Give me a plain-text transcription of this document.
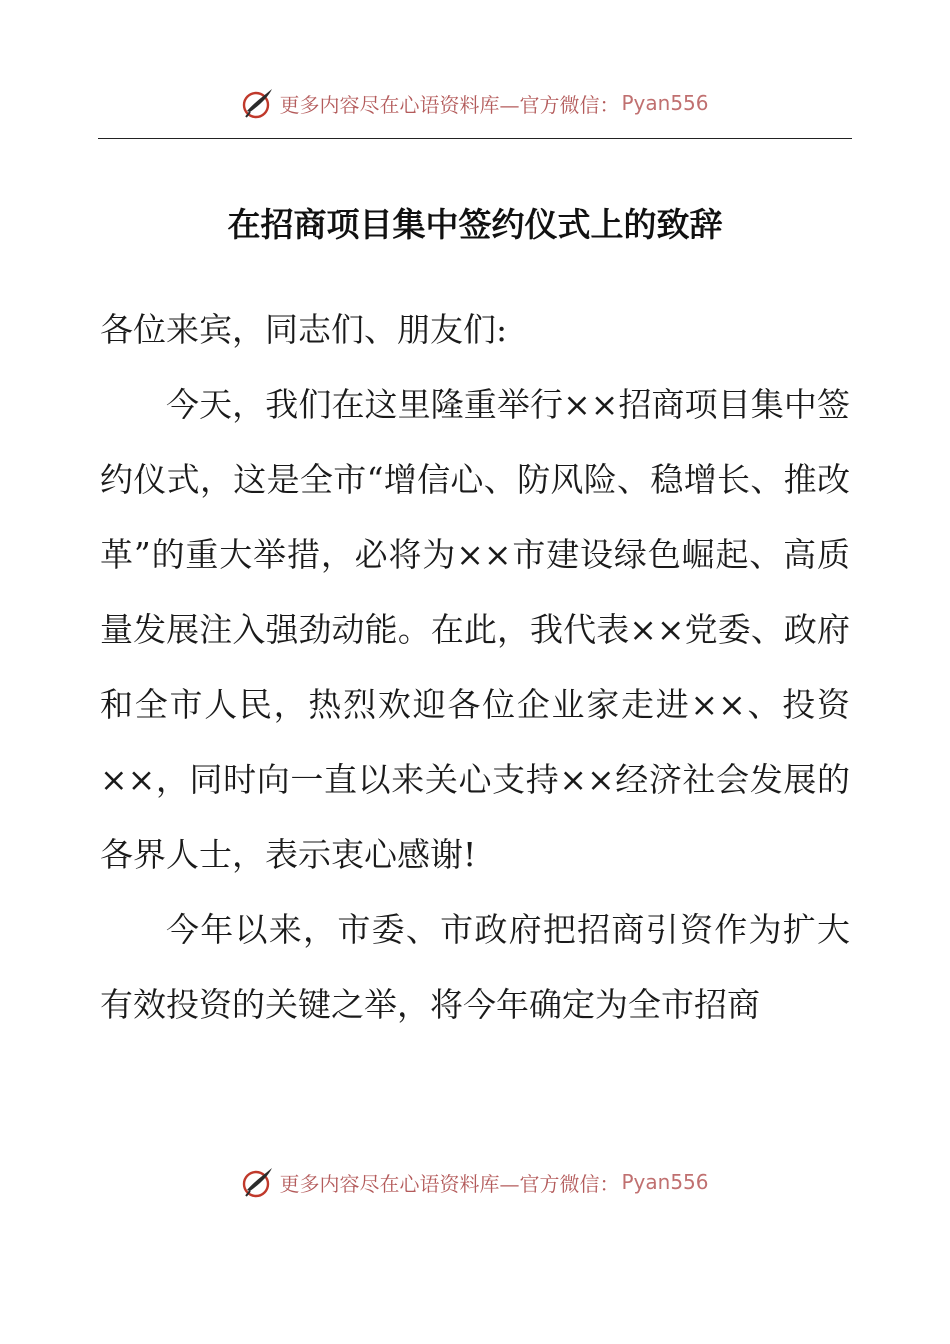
更多内容尽在心语资料库—官方微信： Pyan556
在招商项目集中签约仪式上的致辞

各位来宾，同志们、朋友们:

今天，我们在这里隆重举行××招商项目集中签约仪式，这是全市“增信心、防风险、稳增长、推改革”的重大举措，必将为××市建设绿色崛起、高质量发展注入强劲动能。在此，我代表××党委、政府和全市人民，热烈欢迎各位企业家走进××、投资××，同时向一直以来关心支持××经济社会发展的各界人士，表示衷心感谢!

今年以来，市委、市政府把招商引资作为扩大有效投资的关键之举，将今年确定为全市招商

更多内容尽在心语资料库—官方微信： Pyan556
